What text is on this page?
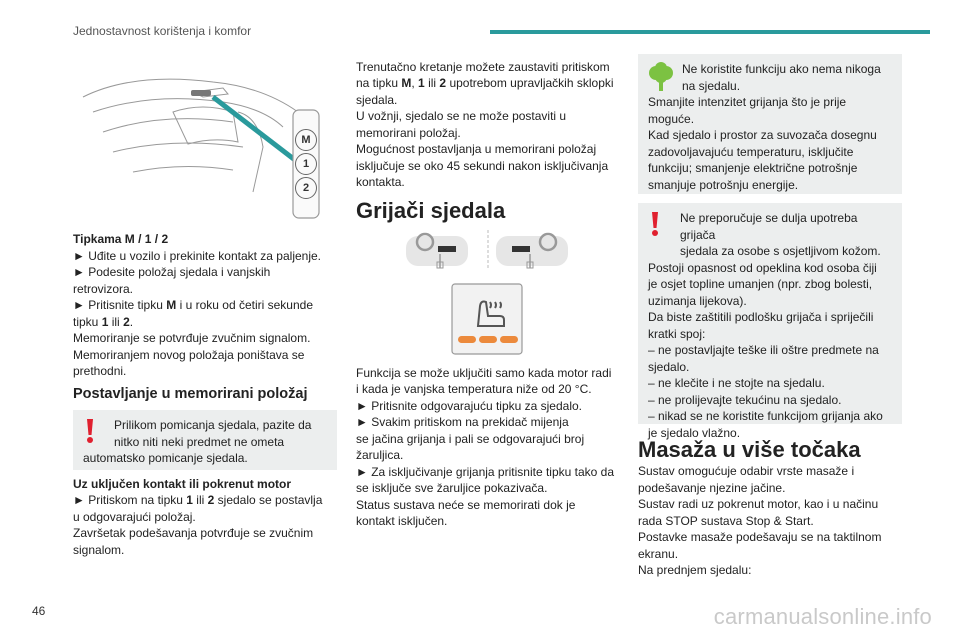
Jednostavnost korištenja i komfor
M
1
2

Tipkama M / 1 / 2

► Uđite u vozilo i prekinite kontakt za paljenje.

► Podesite položaj sjedala i vanjskih

retrovizora.

► Pritisnite tipku M i u roku od četiri sekunde

tipku 1 ili 2.

Memoriranje se potvrđuje zvučnim signalom.

Memoriranjem novog položaja poništava se

prethodni.

Postavljanje u memorirani položaj

Prilikom pomicanja sjedala, pazite da

nitko niti neki predmet ne ometa

automatsko pomicanje sjedala.

Uz uključen kontakt ili pokrenut motor

► Pritiskom na tipku 1 ili 2 sjedalo se postavlja

u odgovarajući položaj.

Završetak podešavanja potvrđuje se zvučnim

signalom.

Trenutačno kretanje možete zaustaviti pritiskom

na tipku M, 1 ili 2 upotrebom upravljačkih sklopki

sjedala.

U vožnji, sjedalo se ne može postaviti u

memorirani položaj.

Mogućnost postavljanja u memorirani položaj

isključuje se oko 45 sekundi nakon isključivanja

kontakta.

Grijači sjedala

Funkcija se može uključiti samo kada motor radi

i kada je vanjska temperatura niže od 20 °C.

► Pritisnite odgovarajuću tipku za sjedalo.

► Svakim pritiskom na prekidač mijenja

se jačina grijanja i pali se odgovarajući broj

žaruljica.

► Za isključivanje grijanja pritisnite tipku tako da

se isključe sve žaruljice pokazivača.

Status sustava neće se memorirati dok je

kontakt isključen.

Ne koristite funkciju ako nema nikoga

na sjedalu.

Smanjite intenzitet grijanja što je prije

moguće.

Kad sjedalo i prostor za suvozača dosegnu

zadovoljavajuću temperaturu, isključite

funkciju; smanjenje električne potrošnje

smanjuje potrošnju energije.

Ne preporučuje se dulja upotreba grijača

sjedala za osobe s osjetljivom kožom.

Postoji opasnost od opeklina kod osoba čiji

je osjet topline umanjen (npr. zbog bolesti,

uzimanja lijekova).

Da biste zaštitili podlošku grijača i spriječili

kratki spoj:

– ne postavljajte teške ili oštre predmete na

sjedalo.

– ne klečite i ne stojte na sjedalu.

– ne prolijevajte tekućinu na sjedalo.

– nikad se ne koristite funkcijom grijanja ako

je sjedalo vlažno.

Masaža u više točaka

Sustav omogućuje odabir vrste masaže i

podešavanje njezine jačine.

Sustav radi uz pokrenut motor, kao i u načinu

rada STOP sustava Stop & Start.

Postavke masaže podešavaju se na taktilnom

ekranu.

Na prednjem sjedalu:

46	carmanualsonline.info
